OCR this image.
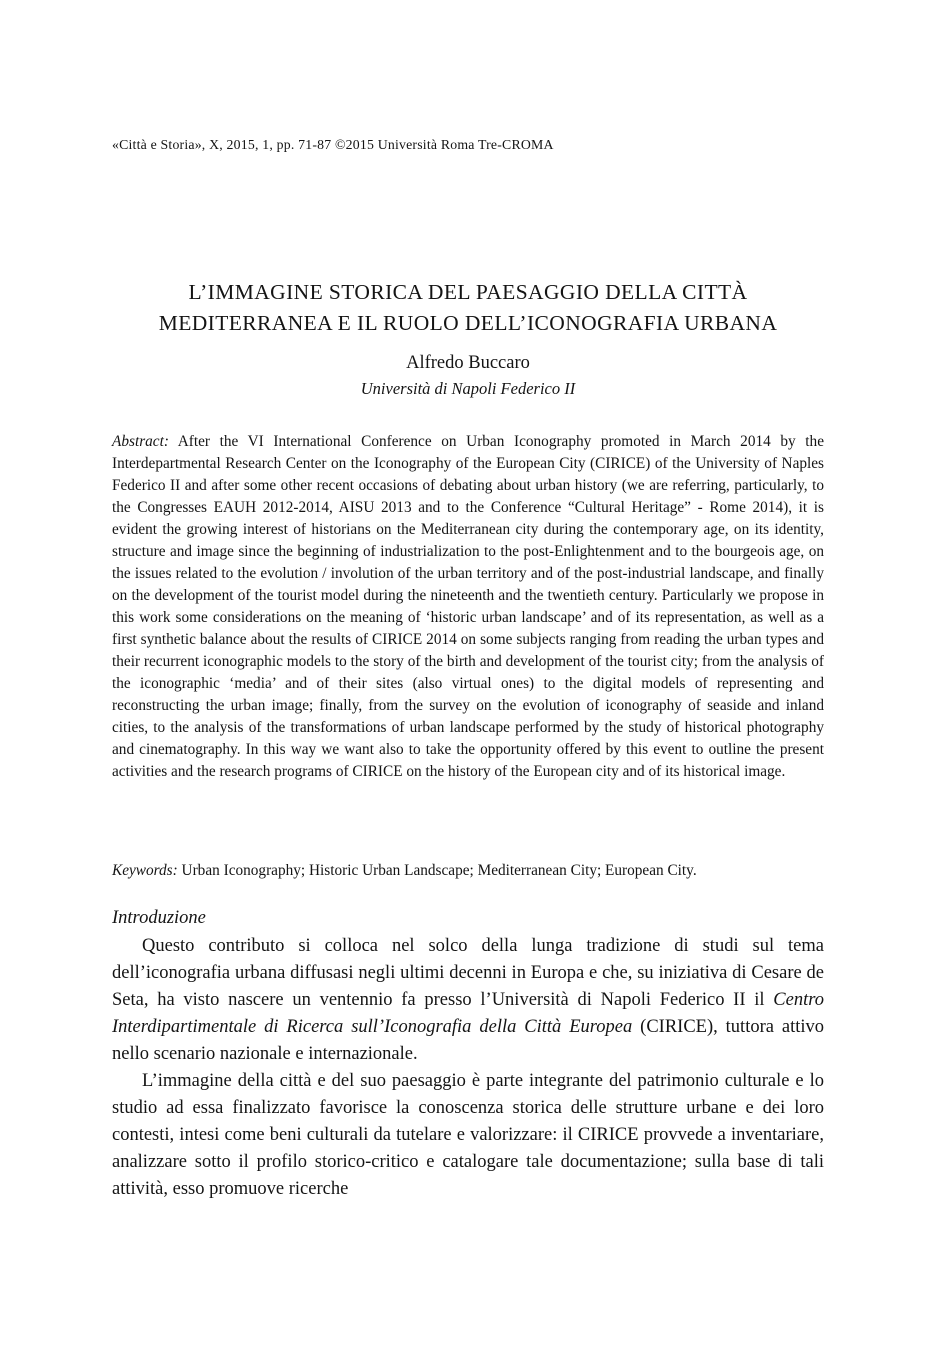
«Città e Storia», X, 2015, 1, pp. 71-87 ©2015 Università Roma Tre-CROMA
L’IMMAGINE STORICA DEL PAESAGGIO DELLA CITTÀ
MEDITERRANEA E IL RUOLO DELL’ICONOGRAFIA URBANA
Alfredo Buccaro
Università di Napoli Federico II
Abstract: After the VI International Conference on Urban Iconography promoted in March 2014 by the Interdepartmental Research Center on the Iconography of the European City (CIRICE) of the University of Naples Federico II and after some other recent occasions of debating about urban history (we are referring, particularly, to the Congresses EAUH 2012-2014, AISU 2013 and to the Conference “Cultural Heritage” - Rome 2014), it is evident the growing interest of historians on the Mediterranean city during the contemporary age, on its identity, structure and image since the beginning of industrialization to the post-Enlightenment and to the bourgeois age, on the issues related to the evolution / involution of the urban territory and of the post-industrial landscape, and finally on the development of the tourist model during the nineteenth and the twentieth century. Particularly we propose in this work some considerations on the meaning of ‘historic urban landscape’ and of its representation, as well as a first synthetic balance about the results of CIRICE 2014 on some subjects ranging from reading the urban types and their recurrent iconographic models to the story of the birth and development of the tourist city; from the analysis of the iconographic ‘media’ and of their sites (also virtual ones) to the digital models of representing and reconstructing the urban image; finally, from the survey on the evolution of iconography of seaside and inland cities, to the analysis of the transformations of urban landscape performed by the study of historical photography and cinematography. In this way we want also to take the opportunity offered by this event to outline the present activities and the research programs of CIRICE on the history of the European city and of its historical image.
Keywords: Urban Iconography; Historic Urban Landscape; Mediterranean City; European City.
Introduzione

Questo contributo si colloca nel solco della lunga tradizione di studi sul tema dell’iconografia urbana diffusasi negli ultimi decenni in Europa e che, su iniziativa di Cesare de Seta, ha visto nascere un ventennio fa presso l’Università di Napoli Federico II il Centro Interdipartimentale di Ricerca sull’Iconografia della Città Europea (CIRICE), tuttora attivo nello scenario nazionale e internazionale.

L’immagine della città e del suo paesaggio è parte integrante del patrimonio culturale e lo studio ad essa finalizzato favorisce la conoscenza storica delle strutture urbane e dei loro contesti, intesi come beni culturali da tutelare e valorizzare: il CIRICE provvede a inventariare, analizzare sotto il profilo storico-critico e catalogare tale documentazione; sulla base di tali attività, esso promuove ricerche
